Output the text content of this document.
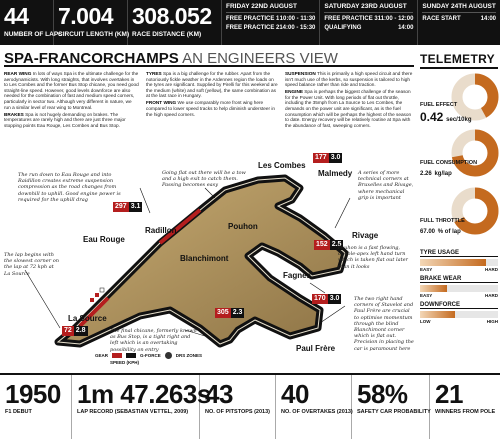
44
NUMBER OF LAPS
7.004
CIRCUIT LENGTH (KM)
308.052
RACE DISTANCE (KM)
FRIDAY 22ND AUGUST
FREE PRACTICE 1 10:00 - 11:30
FREE PRACTICE 2 14:00 - 15:30
SATURDAY 23RD AUGUST
FREE PRACTICE 3 11:00 - 12:00
QUALIFYING	14:00
SUNDAY 24TH AUGUST
RACE START	14:00
SPA-FRANCORCHAMPS AN ENGINEERS VIEW

REAR WING In lots of ways Spa is the ultimate challenge for the aerodynamicists. With long straights, that involves overtakes in to Les Combes and the former Bus Stop chicane, you need good straight-line speed. However, good levels downforce are also needed for the combination of fast and medium speed corners, particularly in sector two. Although very different in nature, we run a similar level of rear wing to Montreal.

BRAKES Spa is not hugely demanding on brakes. The temperatures are rarely high and there are just three major stopping points Eau Rouge, Les Combes and Bus Stop.

TYRES Spa is a big challenge for the rubber. Apart from the notoriously fickle weather in the Ardennes region the loads on the tyres are significant. Supplied by Pirelli for this weekend are the medium (white) and soft (yellow), the same combination as at the last race in Hungary.

FRONT WING We use comparably more front wing here compared to lower speed tracks to help diminish understeer in the high speed corners.

SUSPENSION This is primarily a high speed circuit and there isn't much use of the kerbs, so suspension is tailored to high speed balance rather than ride and traction.

ENGINE Spa is perhaps the biggest challenge of the season for the Power Unit. With long periods of flat out throttle, including the 35mph from La Source to Les Combes, the demands on the power unit are significant, as is the fuel consumption which will be perhaps the highest of the season to date. Energy recovery will be relatively routine at Spa with the abundance of fast, sweeping corners.

Les Combes
Malmedy
Radillon
Eau Rouge
Pouhon
Rivage
Blanchimont
Fagnes
La Source
Paul Frère
177 3.0
297 3.1
152 2.5
170 3.0
305 2.3
72 2.8
The run down to Eau Rouge and into Raidillon creates extreme suspension compression as the road changes from downhill to uphill. Good engine power is required for the uphill drag
Going flat out there will be a tow and a high exit to catch them. Passing becomes easy
A series of more technical corners at Bruxelles and Rivage, where mechanical grip is important
Pouhon is a fast flowing, double-apex left hand turn which is taken flat out later than it looks
The lap begins with the slowest corner on the lap at 72 kph at La Source
The final chicane, formerly known as Bus Stop, is a tight right and left which is an overtaking possibility on entry
The two right hand corners of Stavelot and Paul Frère are crucial to optimise momentum through the blind Blanchimont corner which is flat out. Precision in placing the car is paramount here
GEAR	G-FORCE	DRS ZONES
SPEED (KPH)
TELEMETRY
FUEL EFFECT
0.42 sec/10kg
FUEL CONSUMPTION
2.26 kg/lap
FULL THROTTLE
67.00 % of lap
TYRE USAGE
EASY	HARD
BRAKE WEAR
EASY	HARD
DOWNFORCE
LOW	HIGH
1950
F1 DEBUT
1m 47.263s
LAP RECORD (SEBASTIAN VETTEL, 2009)
43
NO. OF PITSTOPS (2013)
40
NO. OF OVERTAKES (2013)
58%
SAFETY CAR PROBABILITY
21
WINNERS FROM POLE
